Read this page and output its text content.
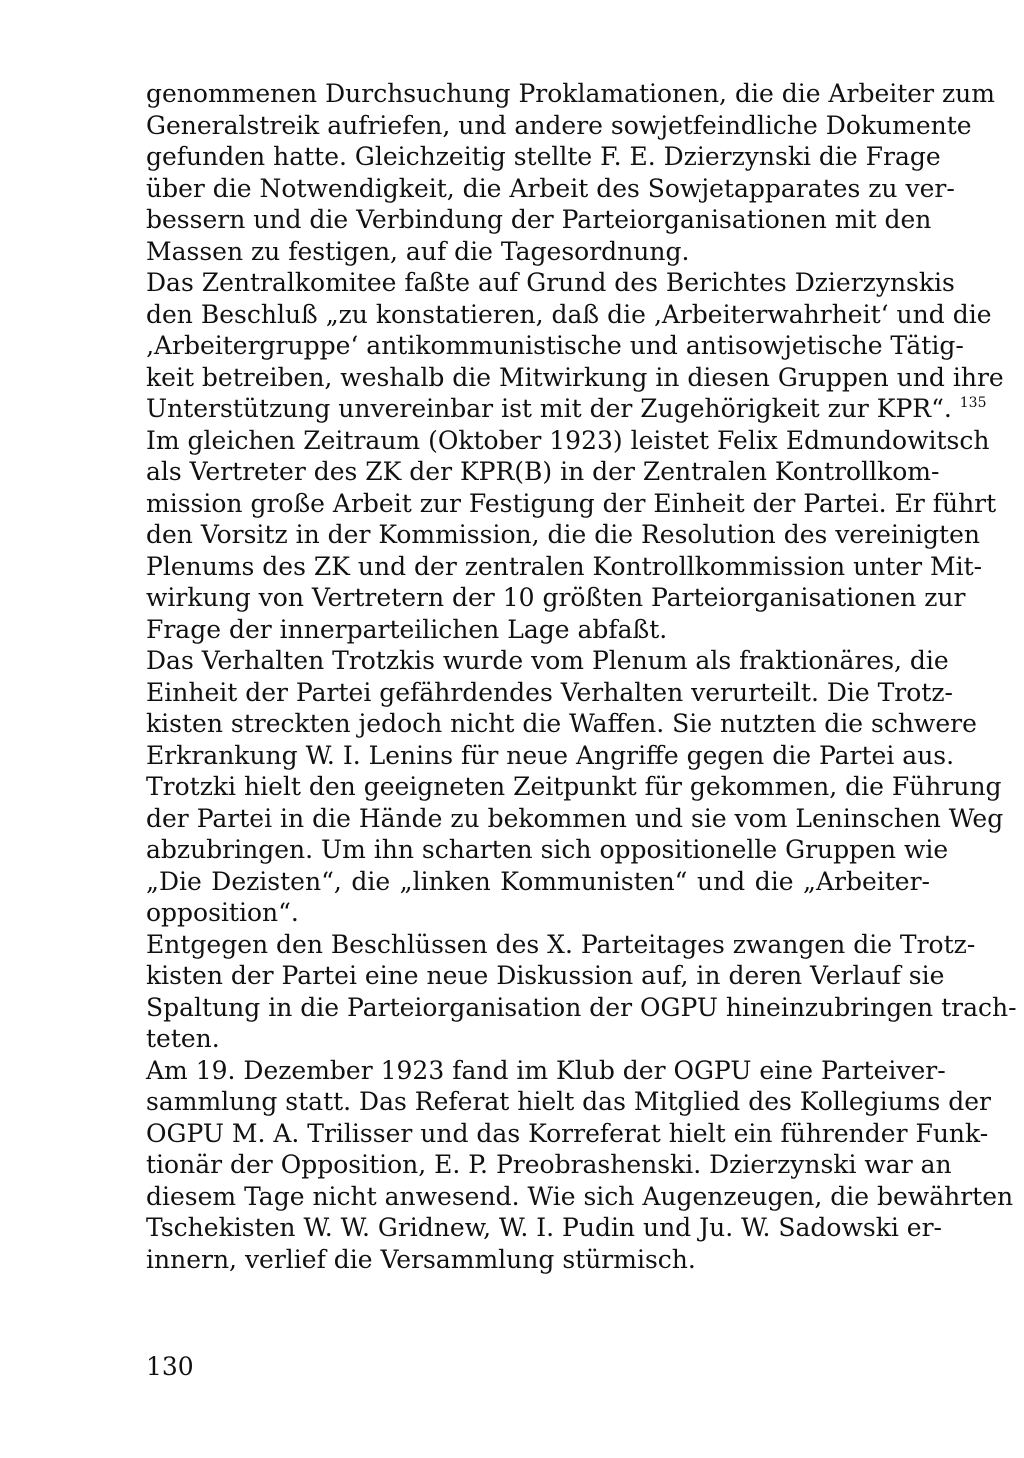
genommenen Durchsuchung Proklamationen, die die Arbeiter zum
Generalstreik aufriefen, und andere sowjetfeindliche Dokumente
gefunden hatte. Gleichzeitig stellte F. E. Dzierzynski die Frage
über die Notwendigkeit, die Arbeit des Sowjetapparates zu ver-
bessern und die Verbindung der Parteiorganisationen mit den
Massen zu festigen, auf die Tagesordnung.
Das Zentralkomitee faßte auf Grund des Berichtes Dzierzynskis
den Beschluß „zu konstatieren, daß die ‚Arbeiterwahrheit‘ und die
‚Arbeitergruppe‘ antikommunistische und antisowjetische Tätig-
keit betreiben, weshalb die Mitwirkung in diesen Gruppen und ihre
Unterstützung unvereinbar ist mit der Zugehörigkeit zur KPR“. $^{135}$
Im gleichen Zeitraum (Oktober 1923) leistet Felix Edmundowitsch
als Vertreter des ZK der KPR(B) in der Zentralen Kontrollkom-
mission große Arbeit zur Festigung der Einheit der Partei. Er führt
den Vorsitz in der Kommission, die die Resolution des vereinigten
Plenums des ZK und der zentralen Kontrollkommission unter Mit-
wirkung von Vertretern der 10 größten Parteiorganisationen zur
Frage der innerparteilichen Lage abfaßt.
Das Verhalten Trotzkis wurde vom Plenum als fraktionäres, die
Einheit der Partei gefährdendes Verhalten verurteilt. Die Trotz-
kisten streckten jedoch nicht die Waffen. Sie nutzten die schwere
Erkrankung W. I. Lenins für neue Angriffe gegen die Partei aus.
Trotzki hielt den geeigneten Zeitpunkt für gekommen, die Führung
der Partei in die Hände zu bekommen und sie vom Leninschen Weg
abzubringen. Um ihn scharten sich oppositionelle Gruppen wie
„Die Dezisten“, die „linken Kommunisten“ und die „Arbeiter-
opposition“.
Entgegen den Beschlüssen des X. Parteitages zwangen die Trotz-
kisten der Partei eine neue Diskussion auf, in deren Verlauf sie
Spaltung in die Parteiorganisation der OGPU hineinzubringen trach-
teten.
Am 19. Dezember 1923 fand im Klub der OGPU eine Parteiver-
sammlung statt. Das Referat hielt das Mitglied des Kollegiums der
OGPU M. A. Trilisser und das Korreferat hielt ein führender Funk-
tionär der Opposition, E. P. Preobrashenski. Dzierzynski war an
diesem Tage nicht anwesend. Wie sich Augenzeugen, die bewährten
Tschekisten W. W. Gridnew, W. I. Pudin und Ju. W. Sadowski er-
innern, verlief die Versammlung stürmisch.
130
